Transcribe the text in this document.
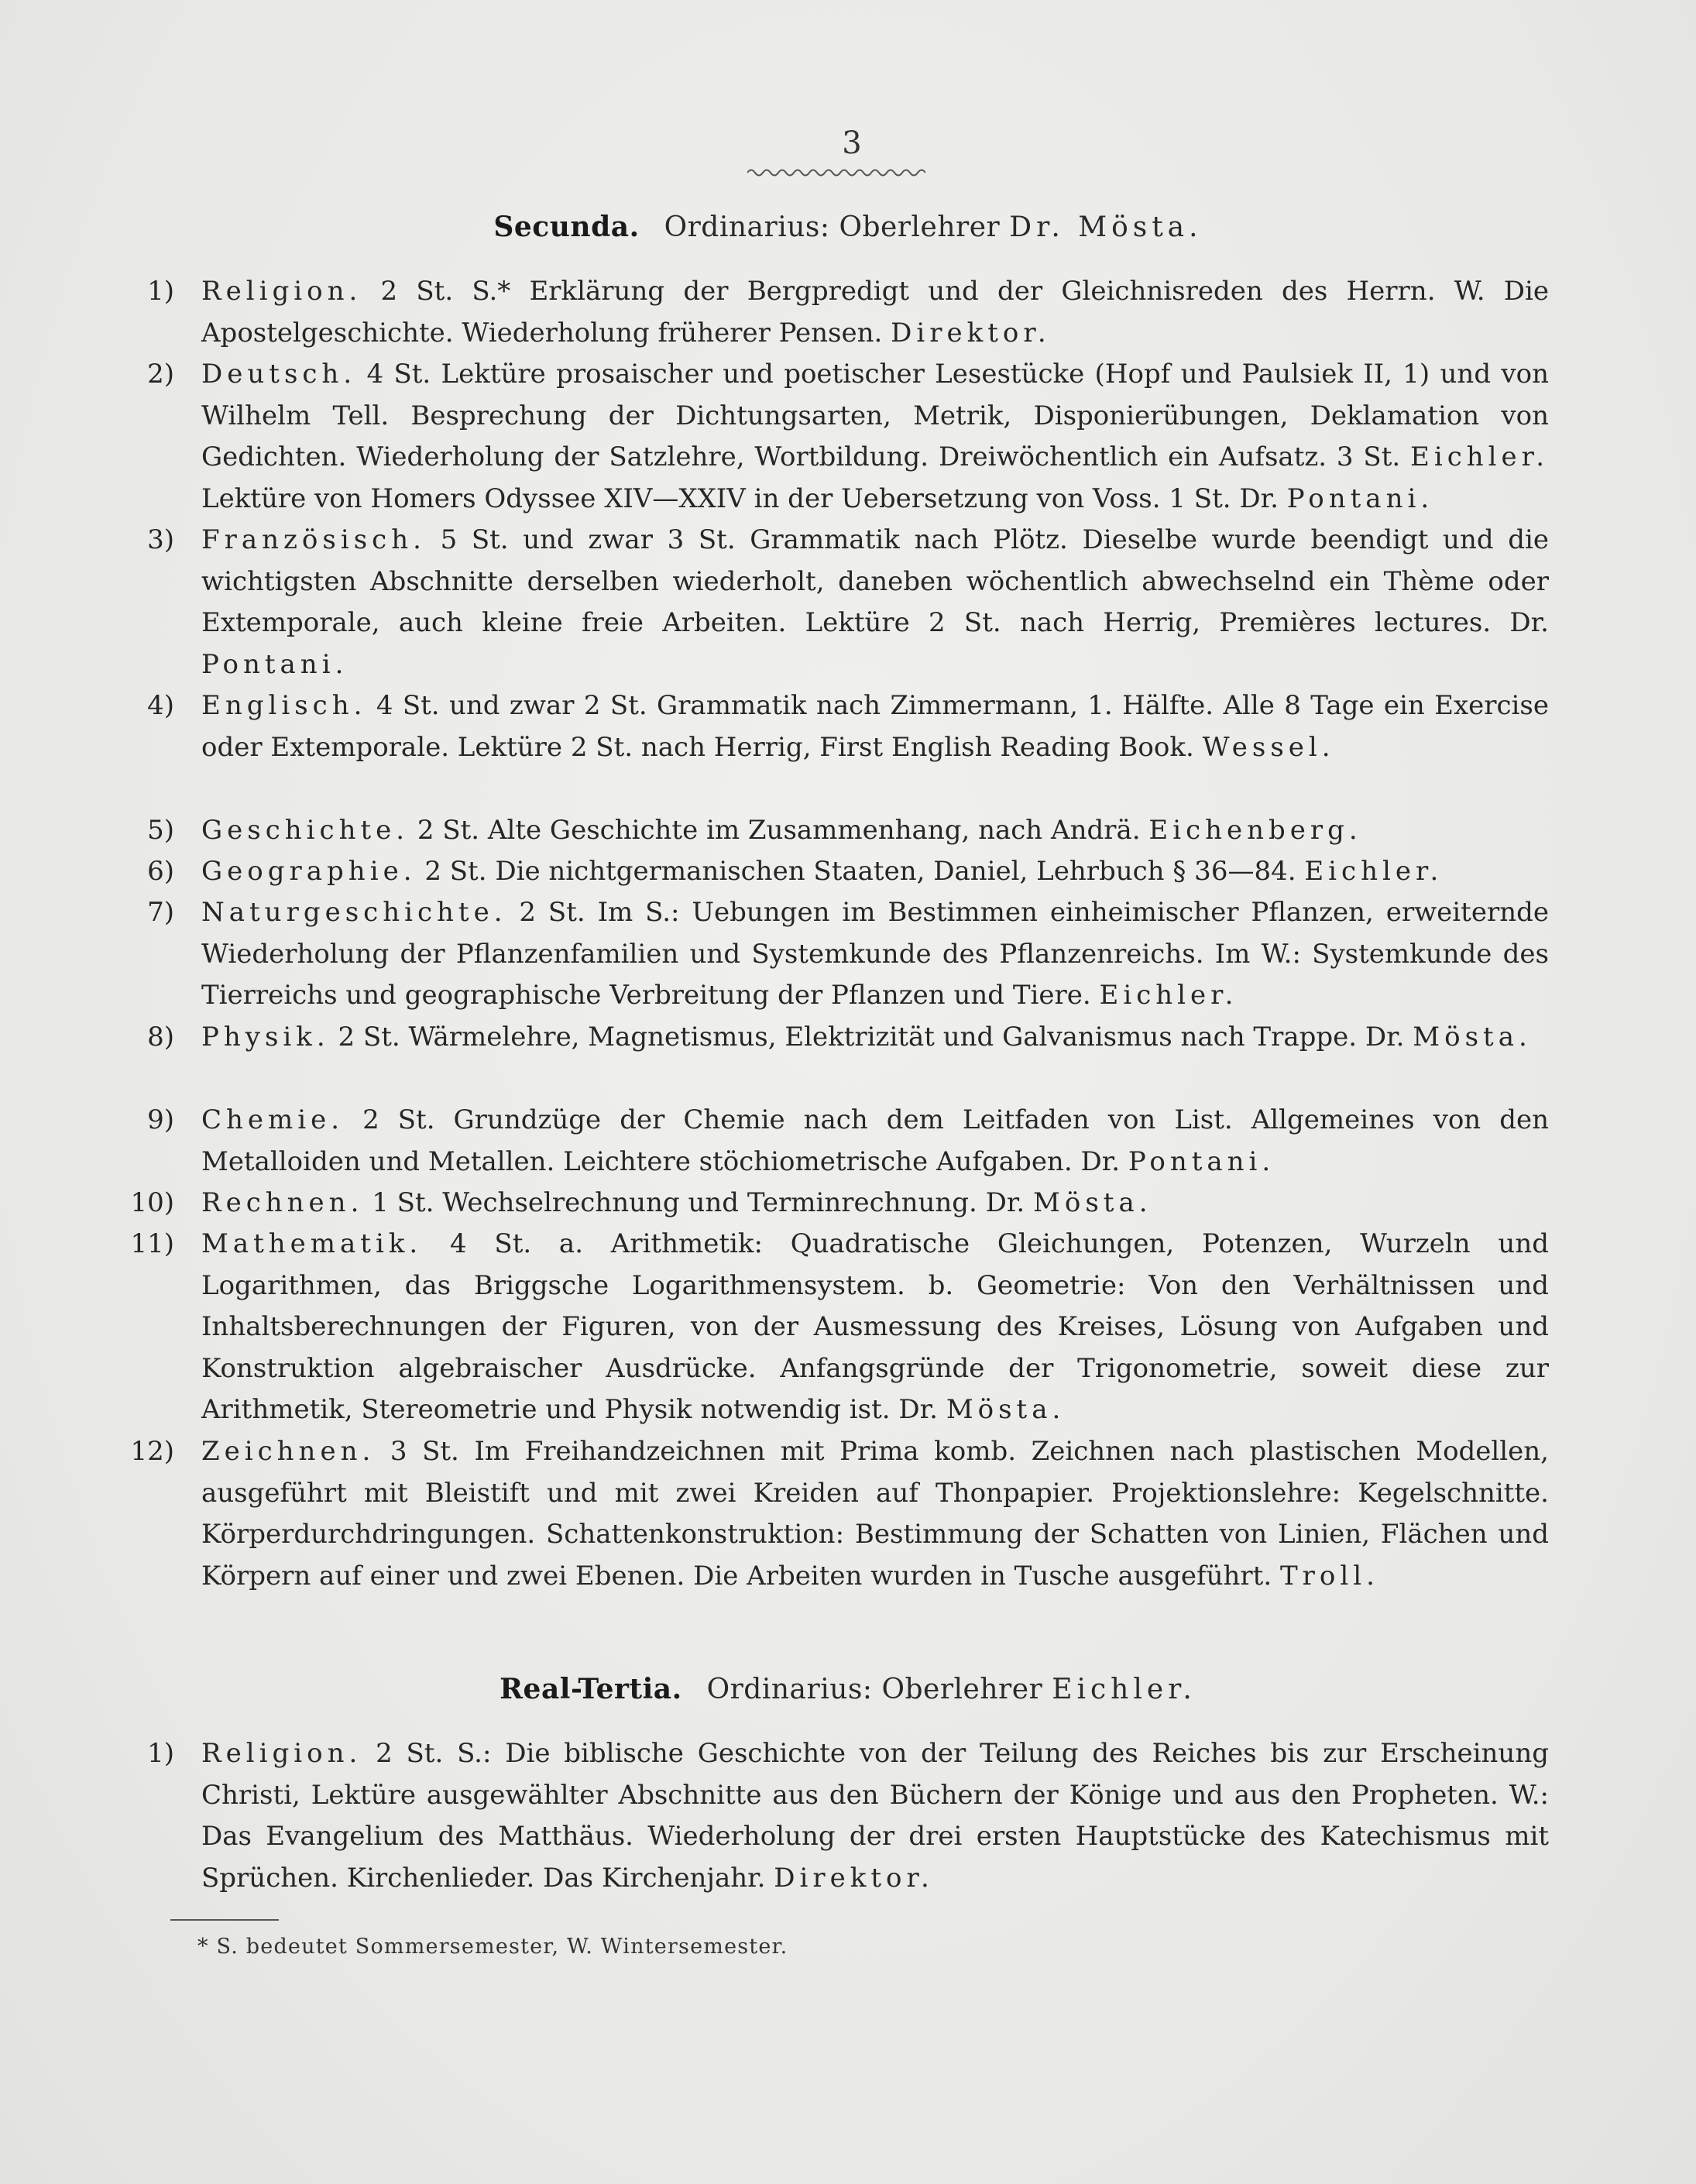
3
Secunda. Ordinarius: Oberlehrer Dr. Mösta.
1) Religion. 2 St. S.* Erklärung der Bergpredigt und der Gleichnisreden des Herrn. W. Die Apostelgeschichte. Wiederholung früherer Pensen. Direktor.
2) Deutsch. 4 St. Lektüre prosaischer und poetischer Lesestücke (Hopf und Paulsiek II, 1) und von Wilhelm Tell. Besprechung der Dichtungsarten, Metrik, Disponierübungen, Deklamation von Gedichten. Wiederholung der Satzlehre, Wortbildung. Dreiwöchentlich ein Aufsatz. 3 St. Eichler. Lektüre von Homers Odyssee XIV—XXIV in der Uebersetzung von Voss. 1 St. Dr. Pontani.
3) Französisch. 5 St. und zwar 3 St. Grammatik nach Plötz. Dieselbe wurde beendigt und die wichtigsten Abschnitte derselben wiederholt, daneben wöchentlich abwechselnd ein Thème oder Extemporale, auch kleine freie Arbeiten. Lektüre 2 St. nach Herrig, Premières lectures. Dr. Pontani.
4) Englisch. 4 St. und zwar 2 St. Grammatik nach Zimmermann, 1. Hälfte. Alle 8 Tage ein Exercise oder Extemporale. Lektüre 2 St. nach Herrig, First English Reading Book. Wessel.
5) Geschichte. 2 St. Alte Geschichte im Zusammenhang, nach Andrä. Eichenberg.
6) Geographie. 2 St. Die nichtgermanischen Staaten, Daniel, Lehrbuch § 36—84. Eichler.
7) Naturgeschichte. 2 St. Im S.: Uebungen im Bestimmen einheimischer Pflanzen, erweiternde Wiederholung der Pflanzenfamilien und Systemkunde des Pflanzenreichs. Im W.: Systemkunde des Tierreichs und geographische Verbreitung der Pflanzen und Tiere. Eichler.
8) Physik. 2 St. Wärmelehre, Magnetismus, Elektrizität und Galvanismus nach Trappe. Dr. Mösta.
9) Chemie. 2 St. Grundzüge der Chemie nach dem Leitfaden von List. Allgemeines von den Metalloiden und Metallen. Leichtere stöchiometrische Aufgaben. Dr. Pontani.
10) Rechnen. 1 St. Wechselrechnung und Terminrechnung. Dr. Mösta.
11) Mathematik. 4 St. a. Arithmetik: Quadratische Gleichungen, Potenzen, Wurzeln und Logarithmen, das Briggsche Logarithmensystem. b. Geometrie: Von den Verhältnissen und Inhaltsberechnungen der Figuren, von der Ausmessung des Kreises, Lösung von Aufgaben und Konstruktion algebraischer Ausdrücke. Anfangsgründe der Trigonometrie, soweit diese zur Arithmetik, Stereometrie und Physik notwendig ist. Dr. Mösta.
12) Zeichnen. 3 St. Im Freihandzeichnen mit Prima komb. Zeichnen nach plastischen Modellen, ausgeführt mit Bleistift und mit zwei Kreiden auf Thonpapier. Projektionslehre: Kegelschnitte. Körperdurchdringungen. Schattenkonstruktion: Bestimmung der Schatten von Linien, Flächen und Körpern auf einer und zwei Ebenen. Die Arbeiten wurden in Tusche ausgeführt. Troll.
Real-Tertia. Ordinarius: Oberlehrer Eichler.
1) Religion. 2 St. S.: Die biblische Geschichte von der Teilung des Reiches bis zur Erscheinung Christi, Lektüre ausgewählter Abschnitte aus den Büchern der Könige und aus den Propheten. W.: Das Evangelium des Matthäus. Wiederholung der drei ersten Hauptstücke des Katechismus mit Sprüchen. Kirchenlieder. Das Kirchenjahr. Direktor.
* S. bedeutet Sommersemester, W. Wintersemester.
